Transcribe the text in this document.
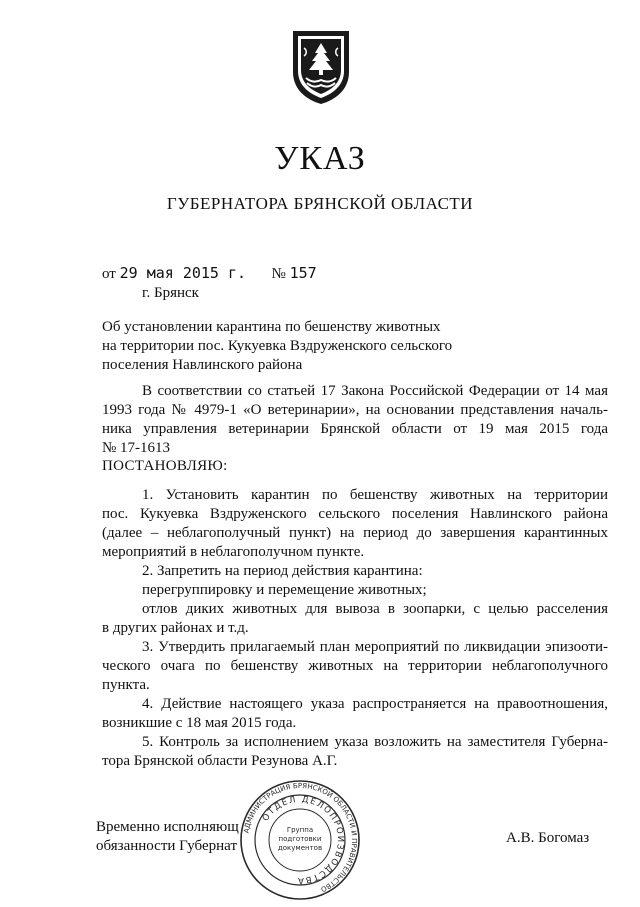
УКАЗ
ГУБЕРНАТОРА БРЯНСКОЙ ОБЛАСТИ
от 29 мая 2015 г. № 157
г. Брянск
Об установлении карантина по бешенству животных
на территории пос. Кукуевка Вздруженского сельского
поселения Навлинского района
В соответствии со статьей 17 Закона Российской Федерации от 14 мая
1993 года № 4979-1 «О ветеринарии», на основании представления началь-
ника управления ветеринарии Брянской области от 19 мая 2015 года
№ 17-1613
ПОСТАНОВЛЯЮ:
1. Установить карантин по бешенству животных на территории
пос. Кукуевка Вздруженского сельского поселения Навлинского района
(далее – неблагополучный пункт) на период до завершения карантинных
мероприятий в неблагополучном пункте.
2. Запретить на период действия карантина:
перегруппировку и перемещение животных;
отлов диких животных для вывоза в зоопарки, с целью расселения
в других районах и т.д.
3. Утвердить прилагаемый план мероприятий по ликвидации эпизооти-
ческого очага по бешенству животных на территории неблагополучного
пункта.
4. Действие настоящего указа распространяется на правоотношения,
возникшие с 18 мая 2015 года.
5. Контроль за исполнением указа возложить на заместителя Губерна-
тора Брянской области Резунова А.Г.
Временно исполняющ
обязанности Губернат	А.В. Богомаз
АДМИНИСТРАЦИЯ БРЯНСКОЙ ОБЛАСТИ И ПРАВИТЕЛЬСТВО
ОТДЕЛ ДЕЛОПРОИЗВОДСТВА
Группа
подготовки
документов
